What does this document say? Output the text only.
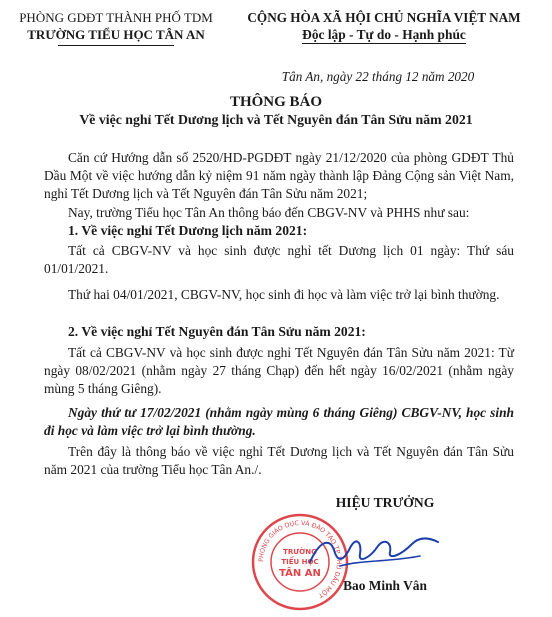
PHÒNG GDĐT THÀNH PHỐ TDM
TRƯỜNG TIỂU HỌC TÂN AN
CỘNG HÒA XÃ HỘI CHỦ NGHĨA VIỆT NAM
Độc lập - Tự do - Hạnh phúc
Tân An, ngày 22 tháng 12 năm 2020
THÔNG BÁO
Về việc nghỉ Tết Dương lịch và Tết Nguyên đán Tân Sửu năm 2021
Căn cứ Hướng dẫn số 2520/HD-PGDĐT ngày 21/12/2020 của phòng GDĐT Thủ Dầu Một về việc hướng dẫn kỷ niệm 91 năm ngày thành lập Đảng Cộng sản Việt Nam, nghỉ Tết Dương lịch và Tết Nguyên đán Tân Sửu năm 2021;
Nay, trường Tiểu học Tân An thông báo đến CBGV-NV và PHHS như sau:
1. Về việc nghỉ Tết Dương lịch năm 2021:
Tất cả CBGV-NV và học sinh được nghỉ tết Dương lịch 01 ngày: Thứ sáu 01/01/2021.
Thứ hai 04/01/2021, CBGV-NV, học sinh đi học và làm việc trở lại bình thường.
2. Về việc nghỉ Tết Nguyên đán Tân Sửu năm 2021:
Tất cả CBGV-NV và học sinh được nghỉ Tết Nguyên đán Tân Sửu năm 2021: Từ ngày 08/02/2021 (nhằm ngày 27 tháng Chạp) đến hết ngày 16/02/2021 (nhằm ngày mùng 5 tháng Giêng).
Ngày thứ tư 17/02/2021 (nhằm ngày mùng 6 tháng Giêng) CBGV-NV, học sinh đi học và làm việc trở lại bình thường.
Trên đây là thông báo về việc nghỉ Tết Dương lịch và Tết Nguyên đán Tân Sửu năm 2021 của trường Tiểu học Tân An./.
HIỆU TRƯỞNG
PHÒNG GIÁO DỤC VÀ ĐÀO TẠO TP THỦ DẦU MỘT
TRƯỜNG
TIỂU HỌC
TÂN AN
Bao Minh Vân
